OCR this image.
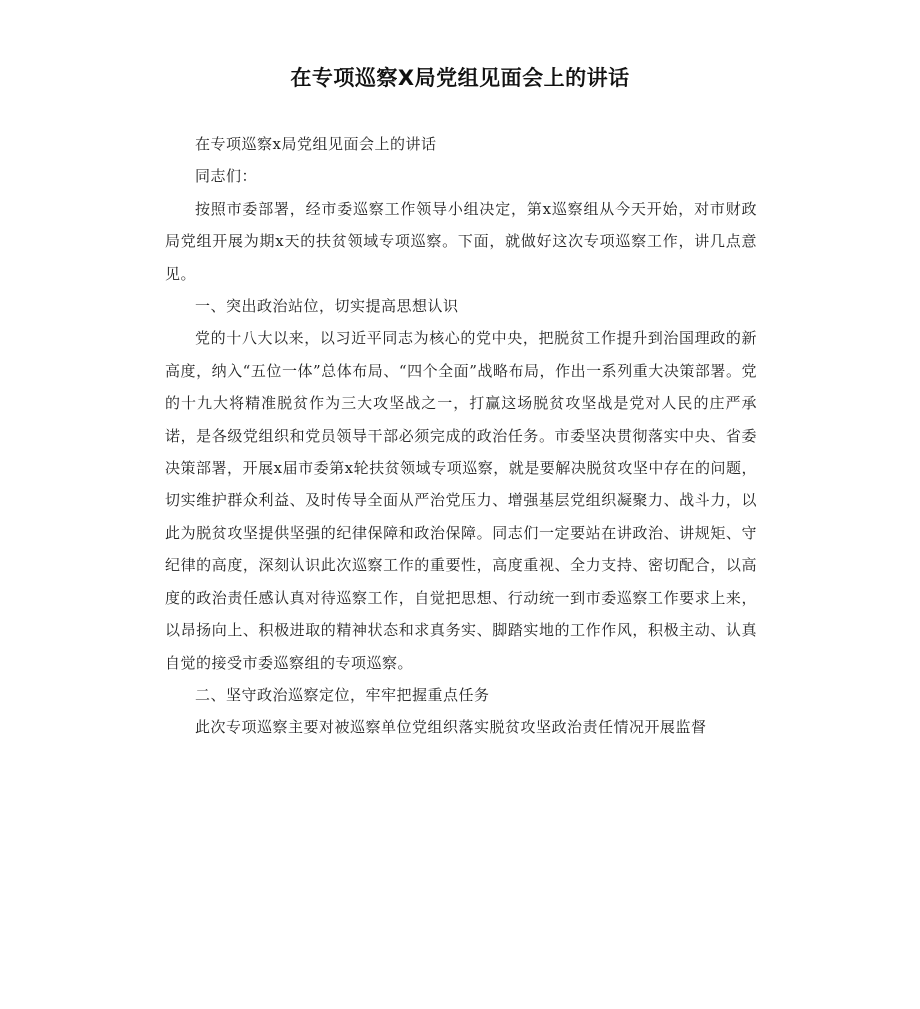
在专项巡察X局党组见面会上的讲话

在专项巡察x局党组见面会上的讲话

同志们：

按照市委部署，经市委巡察工作领导小组决定，第x巡察组从今天开始，对市财政局党组开展为期x天的扶贫领域专项巡察。下面，就做好这次专项巡察工作，讲几点意见。

一、突出政治站位，切实提高思想认识

党的十八大以来，以习近平同志为核心的党中央，把脱贫工作提升到治国理政的新高度，纳入“五位一体”总体布局、“四个全面”战略布局，作出一系列重大决策部署。党的十九大将精准脱贫作为三大攻坚战之一，打赢这场脱贫攻坚战是党对人民的庄严承诺，是各级党组织和党员领导干部必须完成的政治任务。市委坚决贯彻落实中央、省委决策部署，开展x届市委第x轮扶贫领域专项巡察，就是要解决脱贫攻坚中存在的问题，切实维护群众利益、及时传导全面从严治党压力、增强基层党组织凝聚力、战斗力，以此为脱贫攻坚提供坚强的纪律保障和政治保障。同志们一定要站在讲政治、讲规矩、守纪律的高度，深刻认识此次巡察工作的重要性，高度重视、全力支持、密切配合，以高度的政治责任感认真对待巡察工作，自觉把思想、行动统一到市委巡察工作要求上来，以昂扬向上、积极进取的精神状态和求真务实、脚踏实地的工作作风，积极主动、认真自觉的接受市委巡察组的专项巡察。

二、坚守政治巡察定位，牢牢把握重点任务

此次专项巡察主要对被巡察单位党组织落实脱贫攻坚政治责任情况开展监督
